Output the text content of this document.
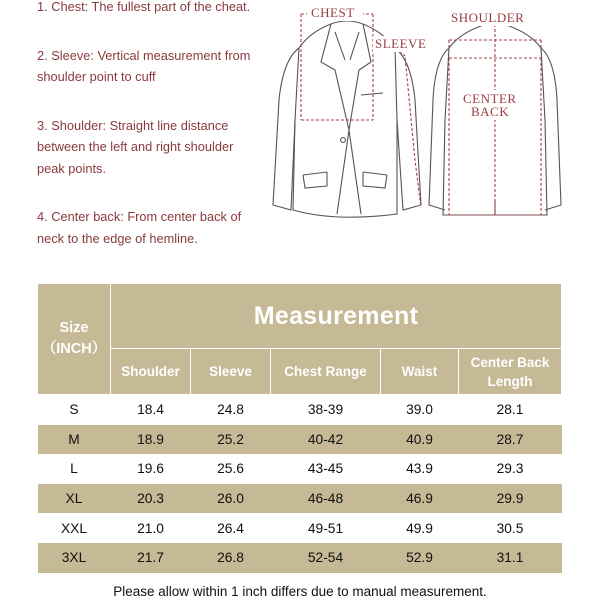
1. Chest: The fullest part of the cheat.

2. Sleeve: Vertical measurement from shoulder point to cuff

3. Shoulder: Straight line distance between the left and right shoulder peak points.

4. Center back: From center back of neck to the edge of hemline.

CHEST
SLEEVE
SHOULDER
CENTER
BACK
Size
（INCH）	Measurement				
	Shoulder	Sleeve	Chest Range	Waist	Center Back Length
S	18.4	24.8	38-39	39.0	28.1
M	18.9	25.2	40-42	40.9	28.7
L	19.6	25.6	43-45	43.9	29.3
XL	20.3	26.0	46-48	46.9	29.9
XXL	21.0	26.4	49-51	49.9	30.5
3XL	21.7	26.8	52-54	52.9	31.1
Please allow within 1 inch differs due to manual measurement.
